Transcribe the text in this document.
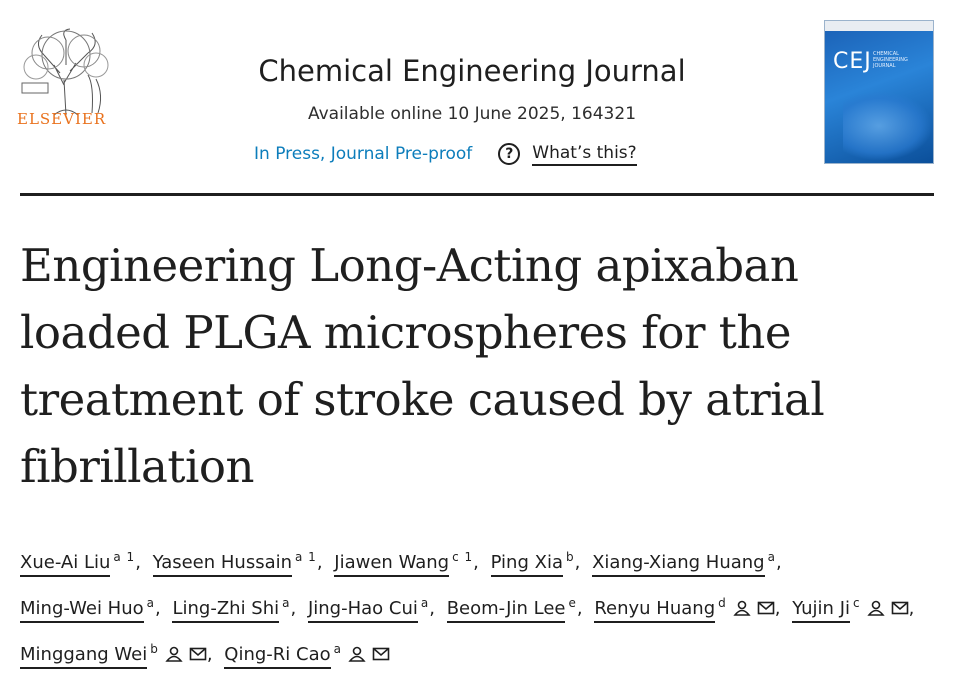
ELSEVIER
Chemical Engineering Journal
Available online 10 June 2025, 164321
In Press, Journal Pre-proof	?	What’s this?
CEJ CHEMICAL ENGINEERING JOURNAL
Engineering Long-Acting apixaban
loaded PLGA microspheres for the
treatment of stroke caused by atrial
fibrillation
Xue-Ai Liu $^{a 1}$, Yaseen Hussain $^{a 1}$, Jiawen Wang $^{c 1}$, Ping Xia $^b$, Xiang-Xiang Huang $^a$, Ming-Wei Huo $^a$, Ling-Zhi Shi $^a$, Jing-Hao Cui $^a$, Beom-Jin Lee $^e$, Renyu Huang $^d$	, Yujin Ji $^c$	, Minggang Wei $^b$	, Qing-Ri Cao $^a$
